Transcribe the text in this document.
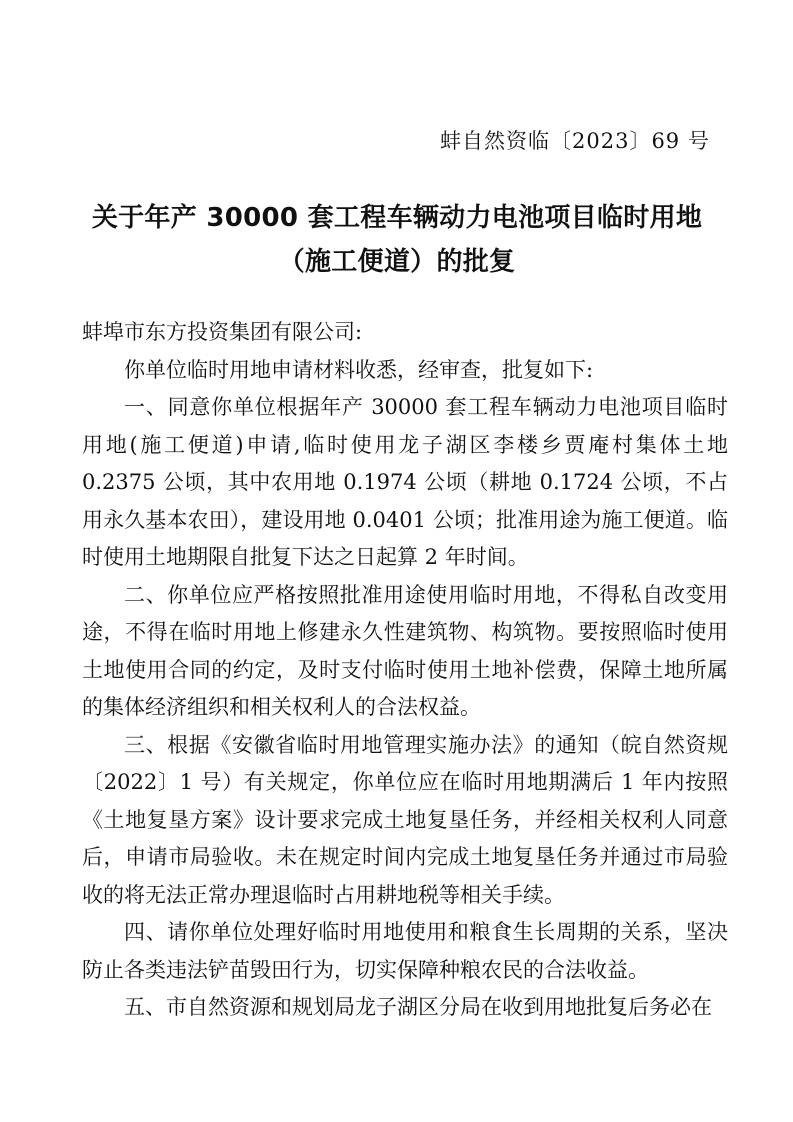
蚌自然资临〔2023〕69 号
关于年产 30000 套工程车辆动力电池项目临时用地（施工便道）的批复

蚌埠市东方投资集团有限公司:

你单位临时用地申请材料收悉，经审查，批复如下:

一、同意你单位根据年产 30000 套工程车辆动力电池项目临时用地(施工便道)申请,临时使用龙子湖区李楼乡贾庵村集体土地 0.2375 公顷，其中农用地 0.1974 公顷（耕地 0.1724 公顷，不占用永久基本农田），建设用地 0.0401 公顷；批准用途为施工便道。临时使用土地期限自批复下达之日起算 2 年时间。

二、你单位应严格按照批准用途使用临时用地，不得私自改变用途，不得在临时用地上修建永久性建筑物、构筑物。要按照临时使用土地使用合同的约定，及时支付临时使用土地补偿费，保障土地所属的集体经济组织和相关权利人的合法权益。

三、根据《安徽省临时用地管理实施办法》的通知（皖自然资规〔2022〕1 号）有关规定，你单位应在临时用地期满后 1 年内按照《土地复垦方案》设计要求完成土地复垦任务，并经相关权利人同意后，申请市局验收。未在规定时间内完成土地复垦任务并通过市局验收的将无法正常办理退临时占用耕地税等相关手续。

四、请你单位处理好临时用地使用和粮食生长周期的关系，坚决防止各类违法铲苗毁田行为，切实保障种粮农民的合法收益。

五、市自然资源和规划局龙子湖区分局在收到用地批复后务必在
